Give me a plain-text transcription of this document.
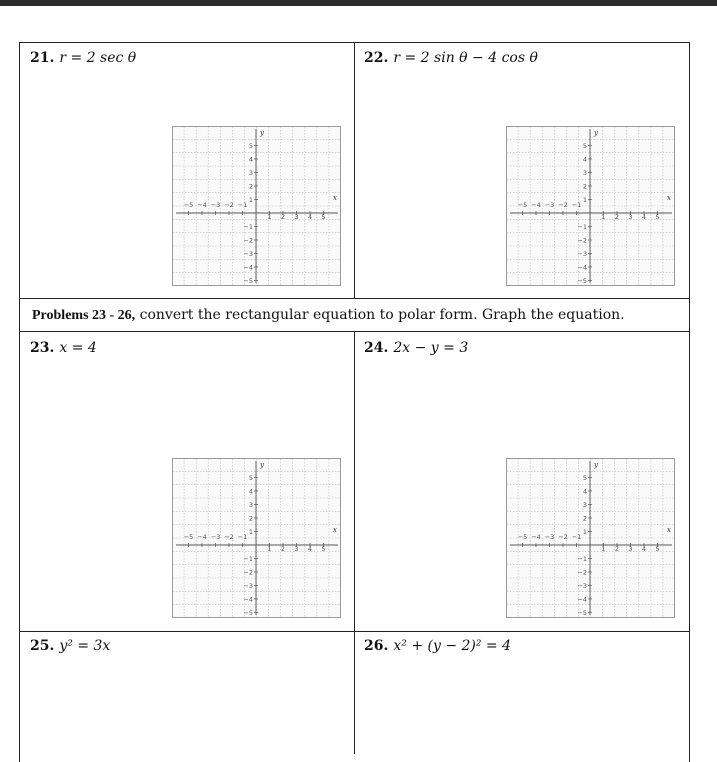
21. r = 2 sec θ	22. r = 2 sin θ − 4 cos θ
Problems 23 - 26, convert the rectangular equation to polar form. Graph the equation.
23. x = 4	24. 2x − y = 3
25. y² = 3x	26. x² + (y − 2)² = 4
−5 −4 −3 −2 −1
1 2 3 4 5
5
4
3
2
1
−1
−2
−3
−4
−5
x
y
−5 −4 −3 −2 −1
1 2 3 4 5
5
4
3
2
1
−1
−2
−3
−4
−5
x
y
−5 −4 −3 −2 −1
1 2 3 4 5
5
4
3
2
1
−1
−2
−3
−4
−5
x
y
−5 −4 −3 −2 −1
1 2 3 4 5
5
4
3
2
1
−1
−2
−3
−4
−5
x
y
